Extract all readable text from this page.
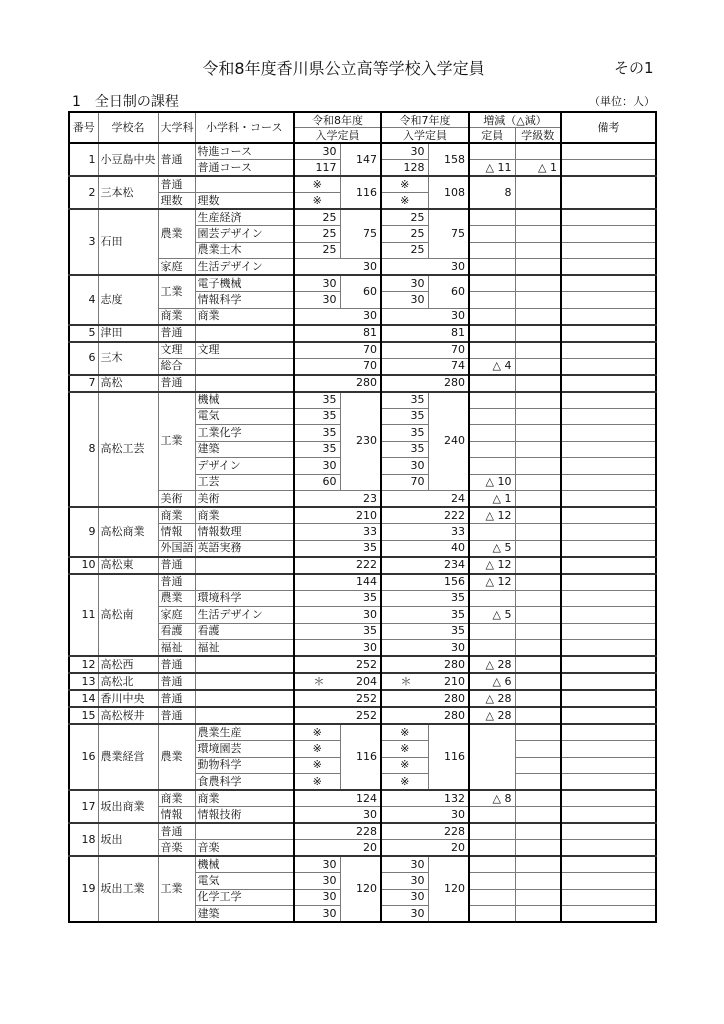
令和8年度香川県公立高等学校入学定員	その1
1　全日制の課程	（単位：人）
番号	学校名	大学科	小学科・コース	令和8年度		令和7年度		増減（△減）		備考
				入学定員		入学定員		定員	学級数	
1	小豆島中央	普通	特進コース	30	147	30	158			
			普通コース	117		128		△ 11	△ 1	
2	三本松	普通		※	116	※	108	8		
		理数	理数	※		※				
3	石田	農業	生産経済	25	75	25	75			
			園芸デザイン	25		25				
			農業土木	25		25				
		家庭	生活デザイン	30		30				
4	志度	工業	電子機械	30	60	30	60			
			情報科学	30		30				
		商業	商業	30		30				
5	津田	普通		81		81				
6	三木	文理	文理	70		70				
		総合		70		74		△ 4		
7	高松	普通		280		280				
8	高松工芸	工業	機械	35	230	35	240			
			電気	35		35				
			工業化学	35		35				
			建築	35		35				
			デザイン	30		30				
			工芸	60		70		△ 10		
		美術	美術	23		24		△ 1		
9	高松商業	商業	商業	210		222		△ 12		
		情報	情報数理	33		33				
		外国語	英語実務	35		40		△ 5		
10	高松東	普通		222		234		△ 12		
11	高松南	普通		144		156		△ 12		
		農業	環境科学	35		35				
		家庭	生活デザイン	30		35		△ 5		
		看護	看護	35		35				
		福祉	福祉	30		30				
12	高松西	普通		252		280		△ 28		
13	高松北	普通		＊ 204		＊ 210		△ 6		
14	香川中央	普通		252		280		△ 28		
15	高松桜井	普通		252		280		△ 28		
16	農業経営	農業	農業生産	※	116	※	116			
			環境園芸	※		※				
			動物科学	※		※				
			食農科学	※		※				
17	坂出商業	商業	商業	124		132		△ 8		
		情報	情報技術	30		30				
18	坂出	普通		228		228				
		音楽	音楽	20		20				
19	坂出工業	工業	機械	30	120	30	120			
			電気	30		30				
			化学工学	30		30				
			建築	30		30				
